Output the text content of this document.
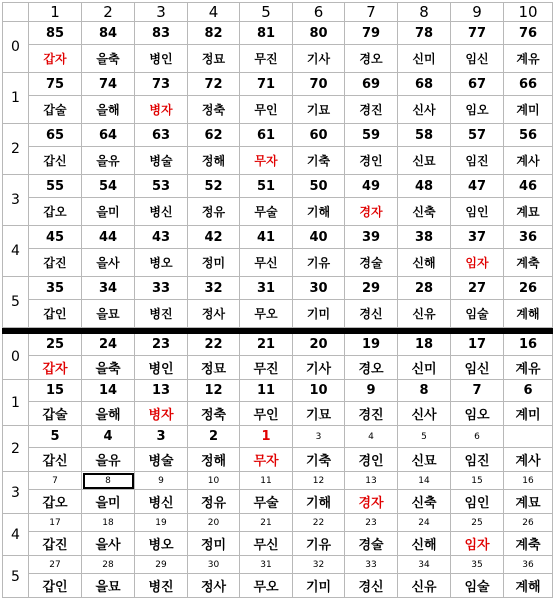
	1	2	3	4	5	6	7	8	9	10
0	85	84	83	82	81	80	79	78	77	76
	갑자	을축	병인	정묘	무진	기사	경오	신미	임신	계유
1	75	74	73	72	71	70	69	68	67	66
	갑술	을해	병자	정축	무인	기묘	경진	신사	임오	계미
2	65	64	63	62	61	60	59	58	57	56
	갑신	을유	병술	정해	무자	기축	경인	신묘	임진	계사
3	55	54	53	52	51	50	49	48	47	46
	갑오	을미	병신	정유	무술	기해	경자	신축	임인	계묘
4	45	44	43	42	41	40	39	38	37	36
	갑진	을사	병오	정미	무신	기유	경술	신해	임자	계축
5	35	34	33	32	31	30	29	28	27	26
	갑인	을묘	병진	정사	무오	기미	경신	신유	임술	계해

0	25	24	23	22	21	20	19	18	17	16
	갑자	을축	병인	정묘	무진	기사	경오	신미	임신	계유
1	15	14	13	12	11	10	9	8	7	6
	갑술	을해	병자	정축	무인	기묘	경진	신사	임오	계미
2	5	4	3	2	1	3	4	5	6	
	갑신	을유	병술	정해	무자	기축	경인	신묘	임진	계사
3	7	8	9	10	11	12	13	14	15	16
	갑오	을미	병신	정유	무술	기해	경자	신축	임인	계묘
4	17	18	19	20	21	22	23	24	25	26
	갑진	을사	병오	정미	무신	기유	경술	신해	임자	계축
5	27	28	29	30	31	32	33	34	35	36
	갑인	을묘	병진	정사	무오	기미	경신	신유	임술	계해
